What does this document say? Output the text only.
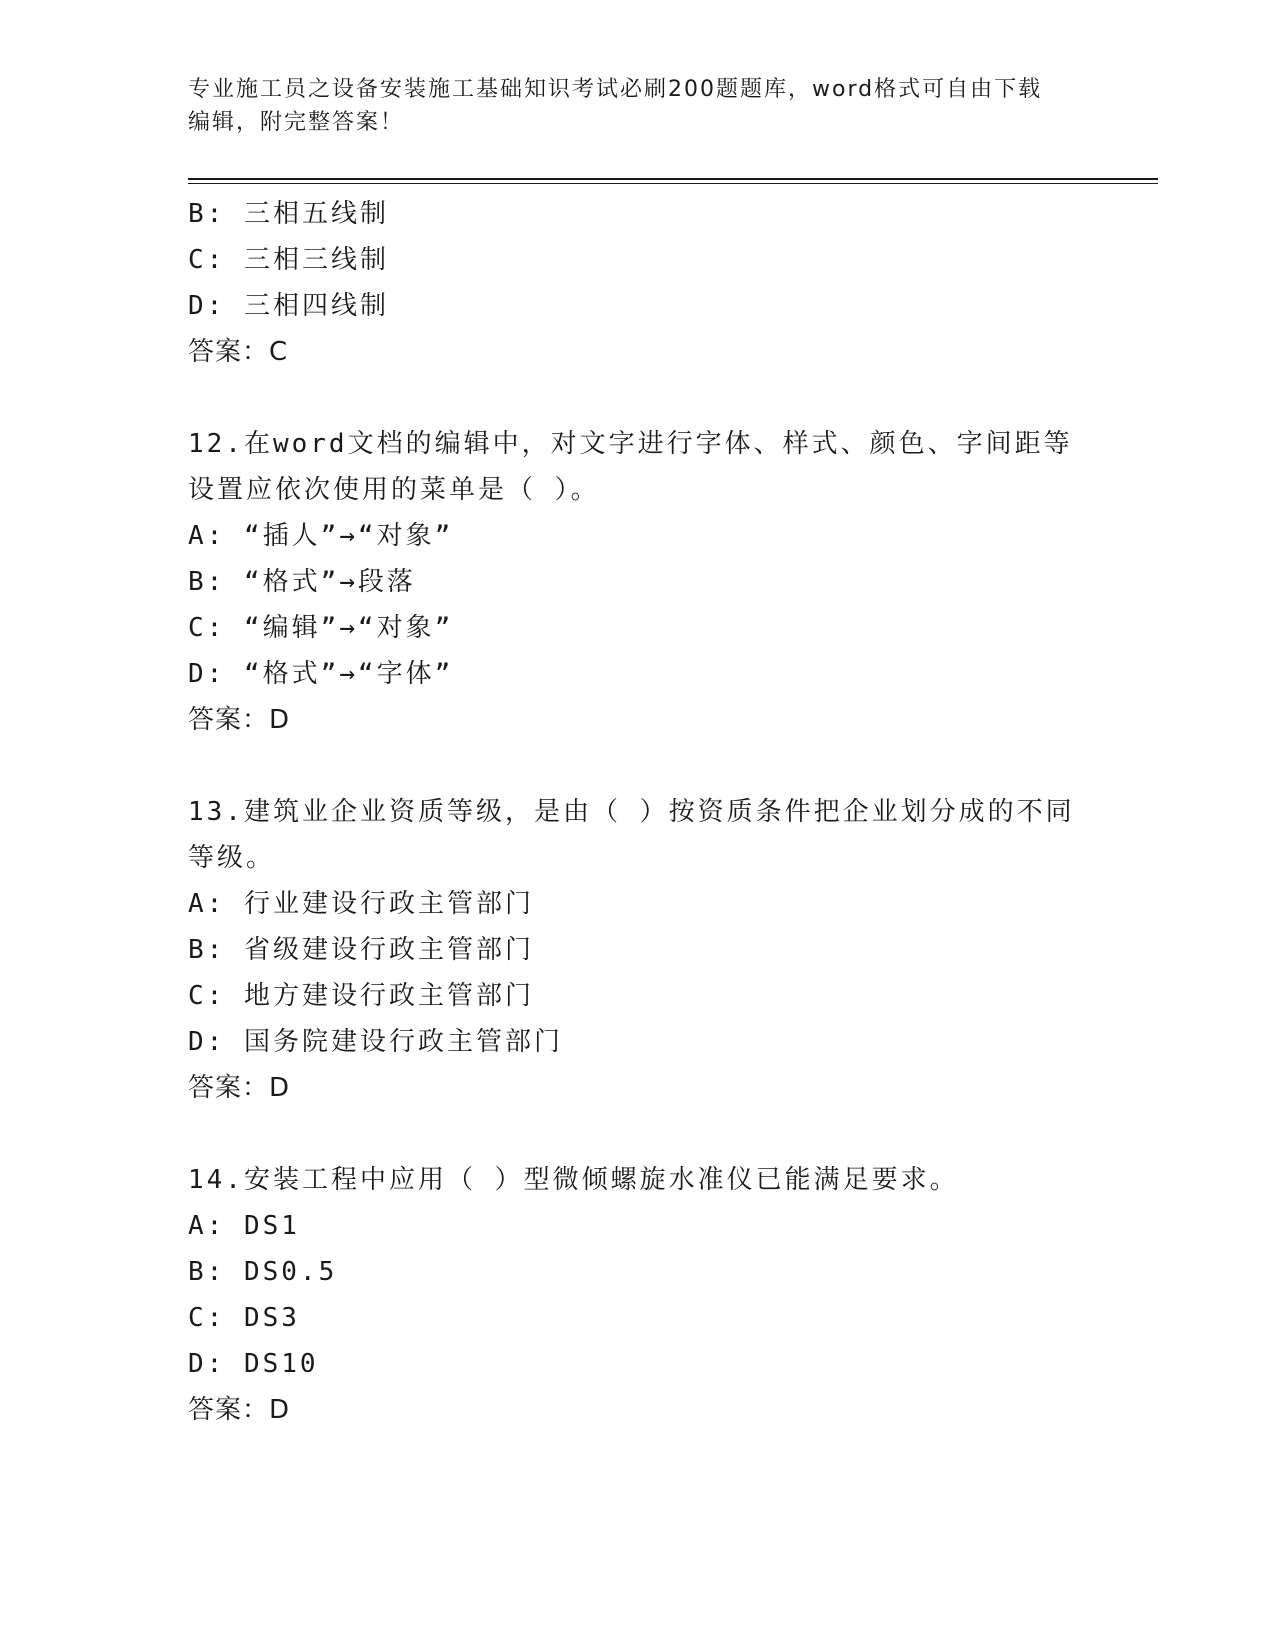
专业施工员之设备安装施工基础知识考试必刷200题题库，word格式可自由下载
编辑，附完整答案！
B: 三相五线制
C: 三相三线制
D: 三相四线制
答案：C
12.在word文档的编辑中，对文字进行字体、样式、颜色、字间距等
设置应依次使用的菜单是（ ）。
A: “插人”→“对象”
B: “格式”→段落
C: “编辑”→“对象”
D: “格式”→“字体”
答案：D
13.建筑业企业资质等级，是由（ ）按资质条件把企业划分成的不同
等级。
A: 行业建设行政主管部门
B: 省级建设行政主管部门
C: 地方建设行政主管部门
D: 国务院建设行政主管部门
答案：D
14.安装工程中应用（ ）型微倾螺旋水准仪已能满足要求。
A: DS1
B: DS0.5
C: DS3
D: DS10
答案：D
